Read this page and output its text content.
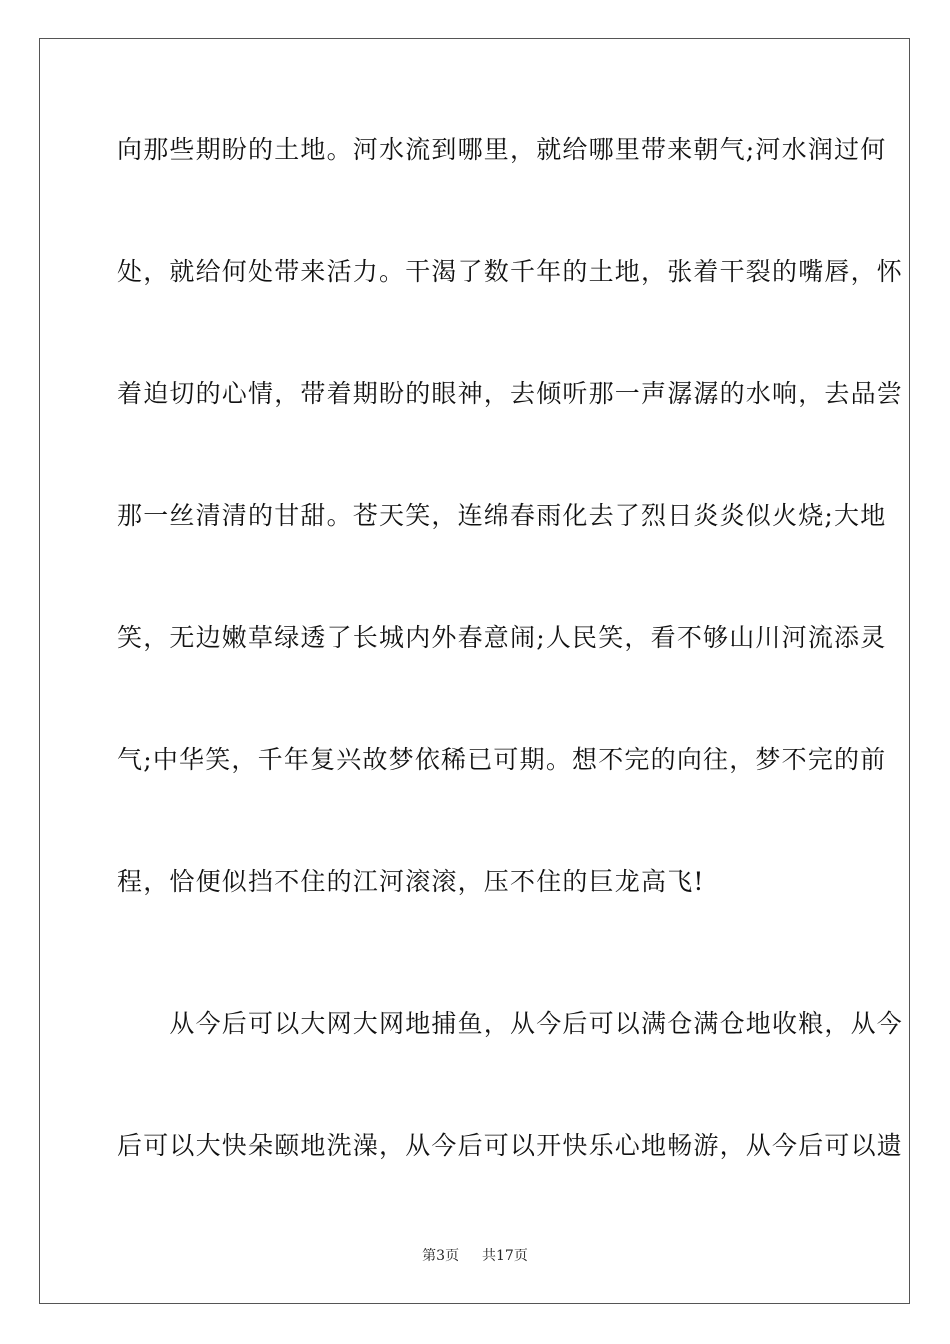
向那些期盼的土地。河水流到哪里，就给哪里带来朝气;河水润过何
处，就给何处带来活力。干渴了数千年的土地，张着干裂的嘴唇，怀
着迫切的心情，带着期盼的眼神，去倾听那一声潺潺的水响，去品尝
那一丝清清的甘甜。苍天笑，连绵春雨化去了烈日炎炎似火烧;大地
笑，无边嫩草绿透了长城内外春意闹;人民笑，看不够山川河流添灵
气;中华笑，千年复兴故梦依稀已可期。想不完的向往，梦不完的前
程，恰便似挡不住的江河滚滚，压不住的巨龙高飞!
　　从今后可以大网大网地捕鱼，从今后可以满仓满仓地收粮，从今
后可以大快朵颐地洗澡，从今后可以开快乐心地畅游，从今后可以遗
第3页 共17页
